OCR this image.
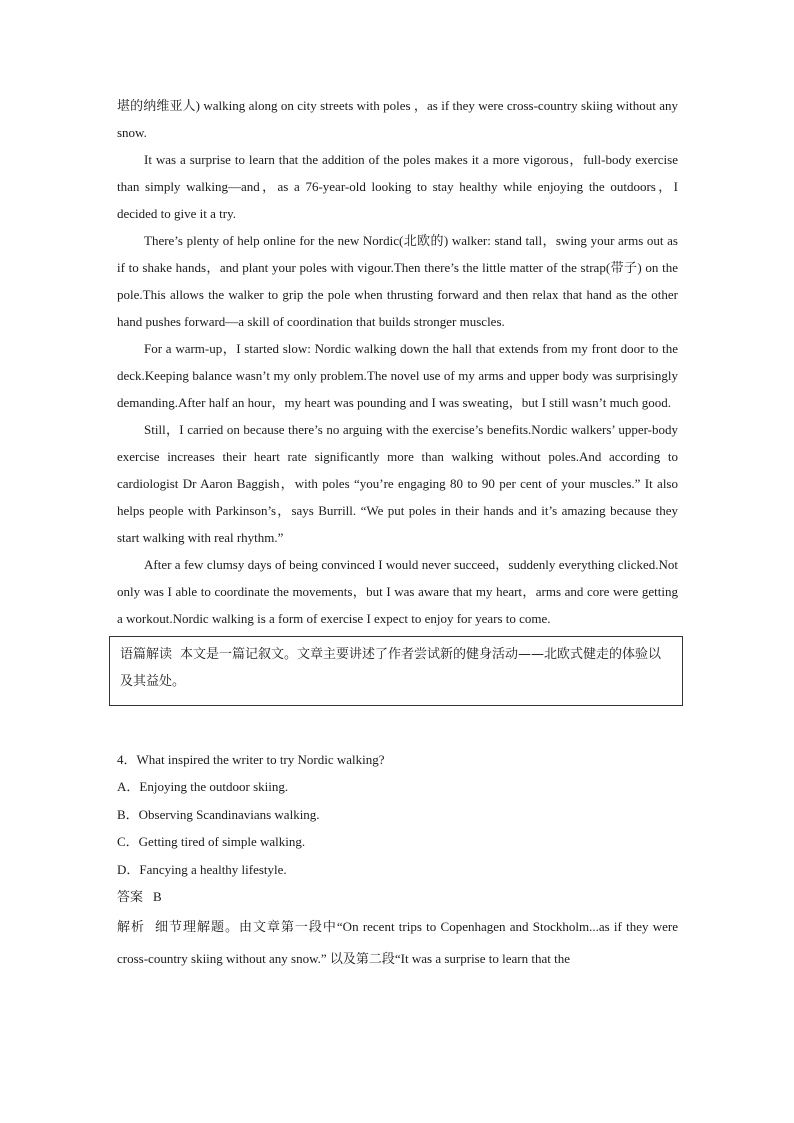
堪的纳维亚人) walking along on city streets with poles ，as if they were cross-country skiing without any snow.

It was a surprise to learn that the addition of the poles makes it a more vigorous，full-body exercise than simply walking—and，as a 76-year-old looking to stay healthy while enjoying the outdoors，I decided to give it a try.

There’s plenty of help online for the new Nordic(北欧的) walker: stand tall，swing your arms out as if to shake hands，and plant your poles with vigour.Then there’s the little matter of the strap(带子) on the pole.This allows the walker to grip the pole when thrusting forward and then relax that hand as the other hand pushes forward—a skill of coordination that builds stronger muscles.

For a warm-up，I started slow: Nordic walking down the hall that extends from my front door to the deck.Keeping balance wasn’t my only problem.The novel use of my arms and upper body was surprisingly demanding.After half an hour，my heart was pounding and I was sweating，but I still wasn’t much good.

Still，I carried on because there’s no arguing with the exercise’s benefits.Nordic walkers’ upper-body exercise increases their heart rate significantly more than walking without poles.And according to cardiologist Dr Aaron Baggish，with poles “you’re engaging 80 to 90 per cent of your muscles.” It also helps people with Parkinson’s，says Burrill. “We put poles in their hands and it’s amazing because they start walking with real rhythm.”

After a few clumsy days of being convinced I would never succeed，suddenly everything clicked.Not only was I able to coordinate the movements，but I was aware that my heart，arms and core were getting a workout.Nordic walking is a form of exercise I expect to enjoy for years to come.

语篇解读 本文是一篇记叙文。文章主要讲述了作者尝试新的健身活动——北欧式健走的体验以及其益处。

4．What inspired the writer to try Nordic walking?

A．Enjoying the outdoor skiing.

B．Observing Scandinavians walking.

C．Getting tired of simple walking.

D．Fancying a healthy lifestyle.

答案 B

解析 细节理解题。由文章第一段中“On recent trips to Copenhagen and Stockholm...as if they were cross-country skiing without any snow.” 以及第二段“It was a surprise to learn that the
